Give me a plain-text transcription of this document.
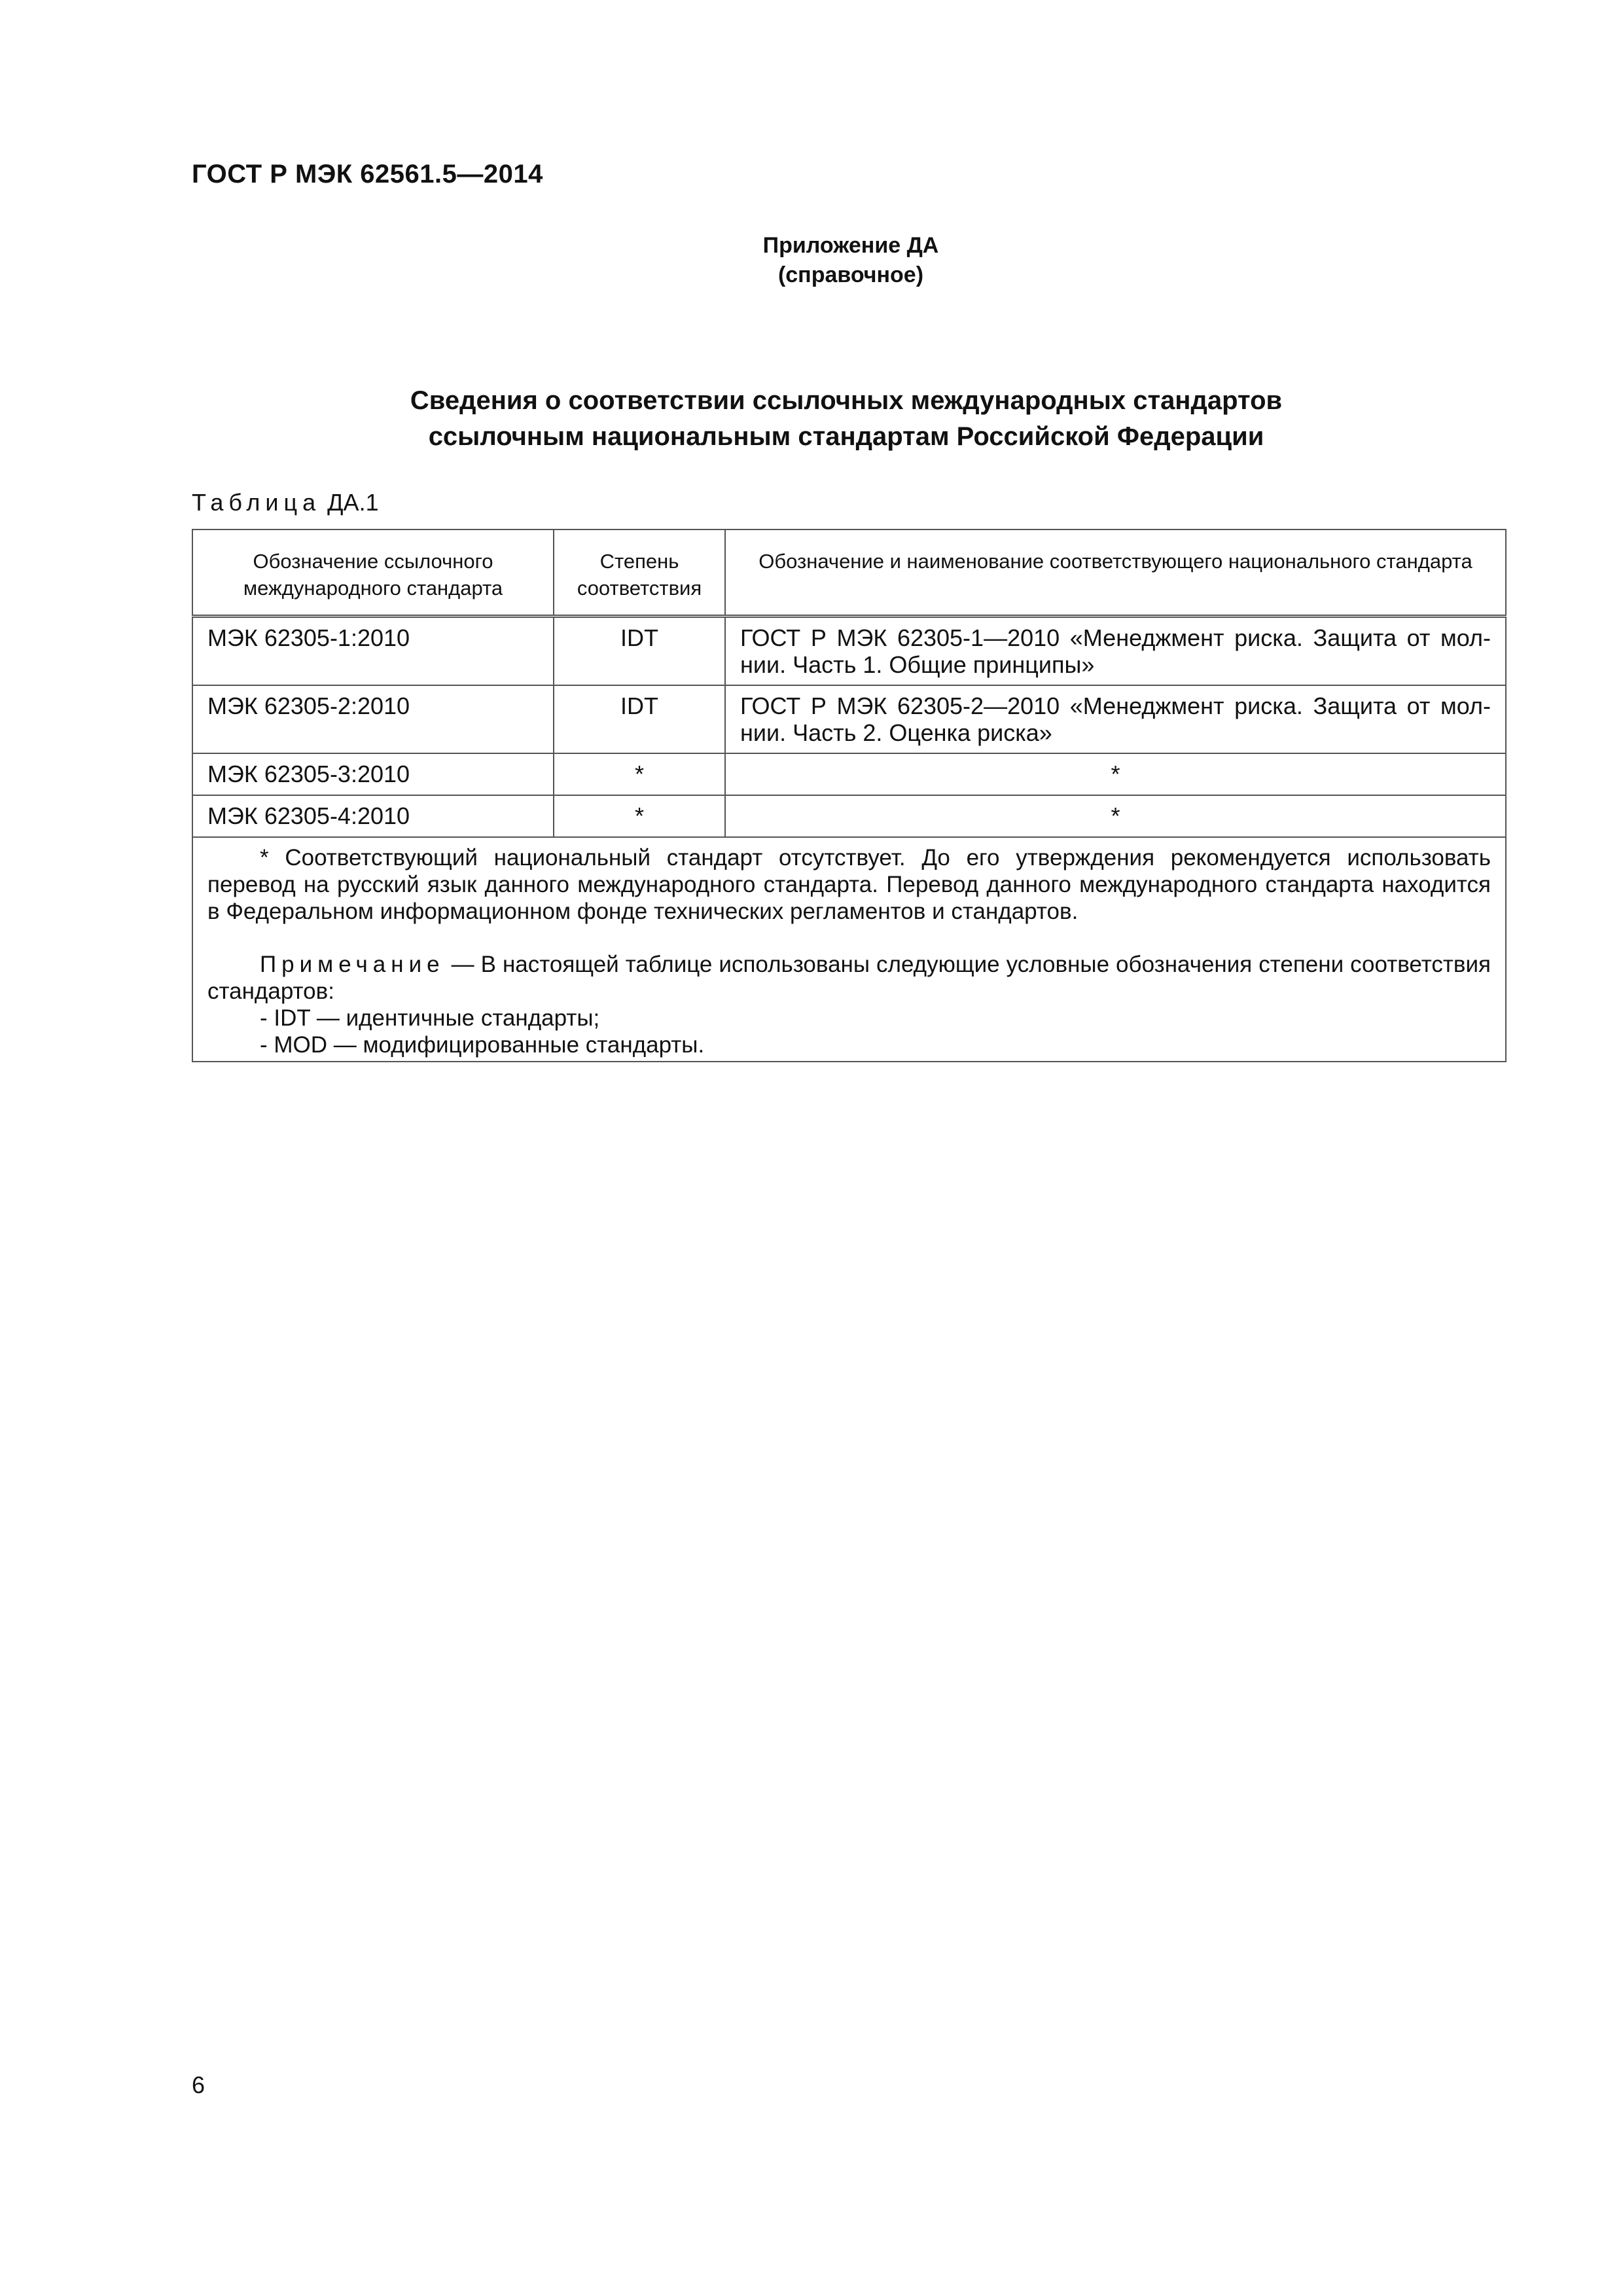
ГОСТ Р МЭК 62561.5—2014
Приложение ДА
(справочное)
Сведения о соответствии ссылочных международных стандартов
ссылочным национальным стандартам Российской Федерации
Таблица ДА.1
Обозначение ссылочного международного стандарта	Степень соответствия	Обозначение и наименование соответствующего национального стандарта
МЭК 62305-1:2010	IDT	ГОСТ Р МЭК 62305-1—2010 «Менеджмент риска. Защита от мол-нии. Часть 1. Общие принципы»
МЭК 62305-2:2010	IDT	ГОСТ Р МЭК 62305-2—2010 «Менеджмент риска. Защита от мол-нии. Часть 2. Оценка риска»
МЭК 62305-3:2010	*	*
МЭК 62305-4:2010	*	*

* Соответствующий национальный стандарт отсутствует. До его утверждения рекомендуется использовать перевод на русский язык данного международного стандарта. Перевод данного международного стандарта находится в Федеральном информационном фонде технических регламентов и стандартов.

Примечание — В настоящей таблице использованы следующие условные обозначения степени соответствия стандартов:

- IDT — идентичные стандарты;

- MOD — модифицированные стандарты.		

6
